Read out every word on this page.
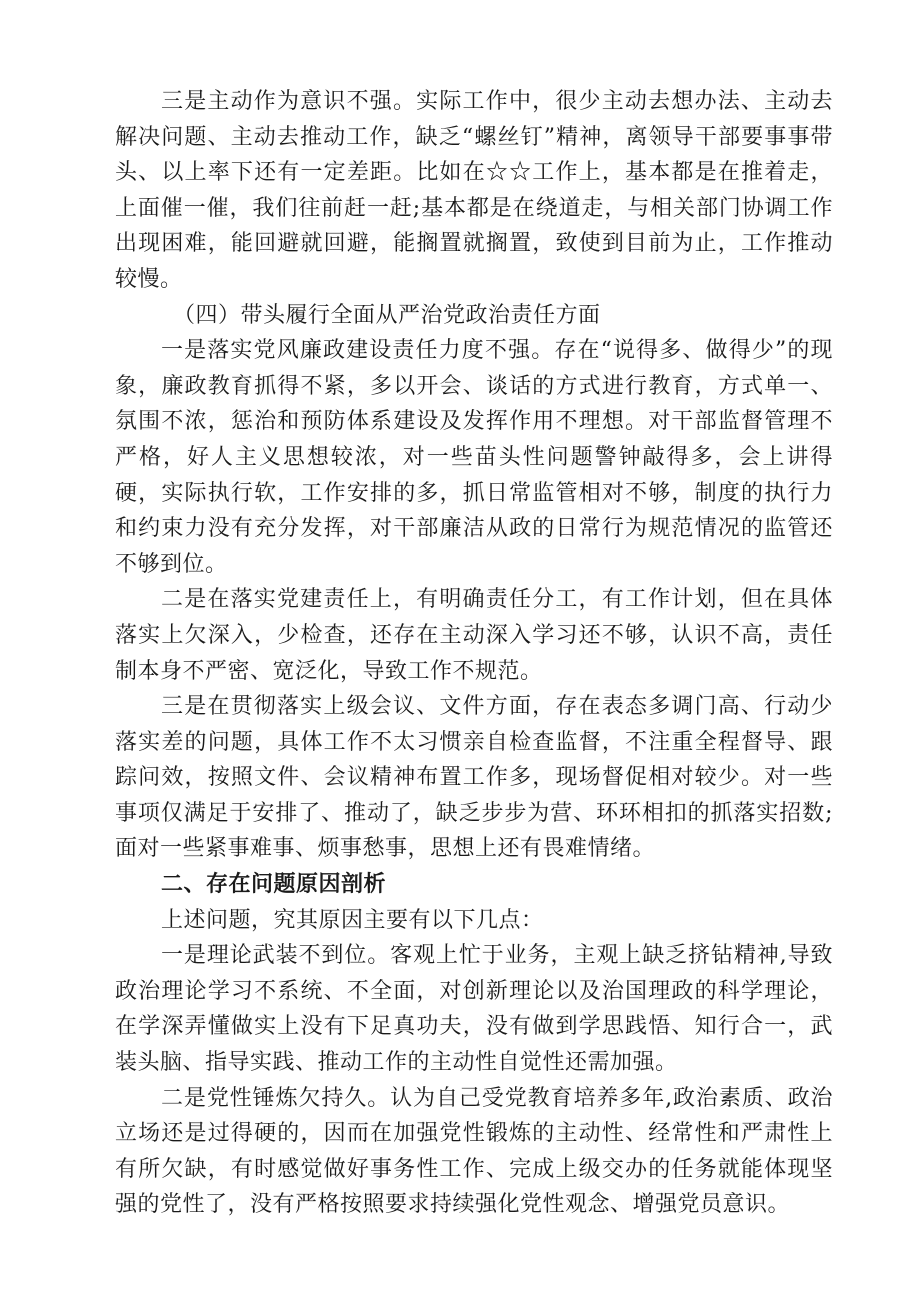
三是主动作为意识不强。实际工作中，很少主动去想办法、主动去解决问题、主动去推动工作，缺乏“螺丝钉”精神，离领导干部要事事带头、以上率下还有一定差距。比如在☆☆工作上，基本都是在推着走，上面催一催，我们往前赶一赶;基本都是在绕道走，与相关部门协调工作出现困难，能回避就回避，能搁置就搁置，致使到目前为止，工作推动较慢。

（四）带头履行全面从严治党政治责任方面

一是落实党风廉政建设责任力度不强。存在“说得多、做得少”的现象，廉政教育抓得不紧，多以开会、谈话的方式进行教育，方式单一、氛围不浓，惩治和预防体系建设及发挥作用不理想。对干部监督管理不严格，好人主义思想较浓，对一些苗头性问题警钟敲得多，会上讲得硬，实际执行软，工作安排的多，抓日常监管相对不够，制度的执行力和约束力没有充分发挥，对干部廉洁从政的日常行为规范情况的监管还不够到位。

二是在落实党建责任上，有明确责任分工，有工作计划，但在具体落实上欠深入，少检查，还存在主动深入学习还不够，认识不高，责任制本身不严密、宽泛化，导致工作不规范。

三是在贯彻落实上级会议、文件方面，存在表态多调门高、行动少落实差的问题，具体工作不太习惯亲自检查监督，不注重全程督导、跟踪问效，按照文件、会议精神布置工作多，现场督促相对较少。对一些事项仅满足于安排了、推动了，缺乏步步为营、环环相扣的抓落实招数;面对一些紧事难事、烦事愁事，思想上还有畏难情绪。

二、存在问题原因剖析

上述问题，究其原因主要有以下几点：

一是理论武装不到位。客观上忙于业务，主观上缺乏挤钻精神,导致政治理论学习不系统、不全面，对创新理论以及治国理政的科学理论，在学深弄懂做实上没有下足真功夫，没有做到学思践悟、知行合一，武装头脑、指导实践、推动工作的主动性自觉性还需加强。

二是党性锤炼欠持久。认为自己受党教育培养多年,政治素质、政治立场还是过得硬的，因而在加强党性锻炼的主动性、经常性和严肃性上有所欠缺，有时感觉做好事务性工作、完成上级交办的任务就能体现坚强的党性了，没有严格按照要求持续强化党性观念、增强党员意识。
